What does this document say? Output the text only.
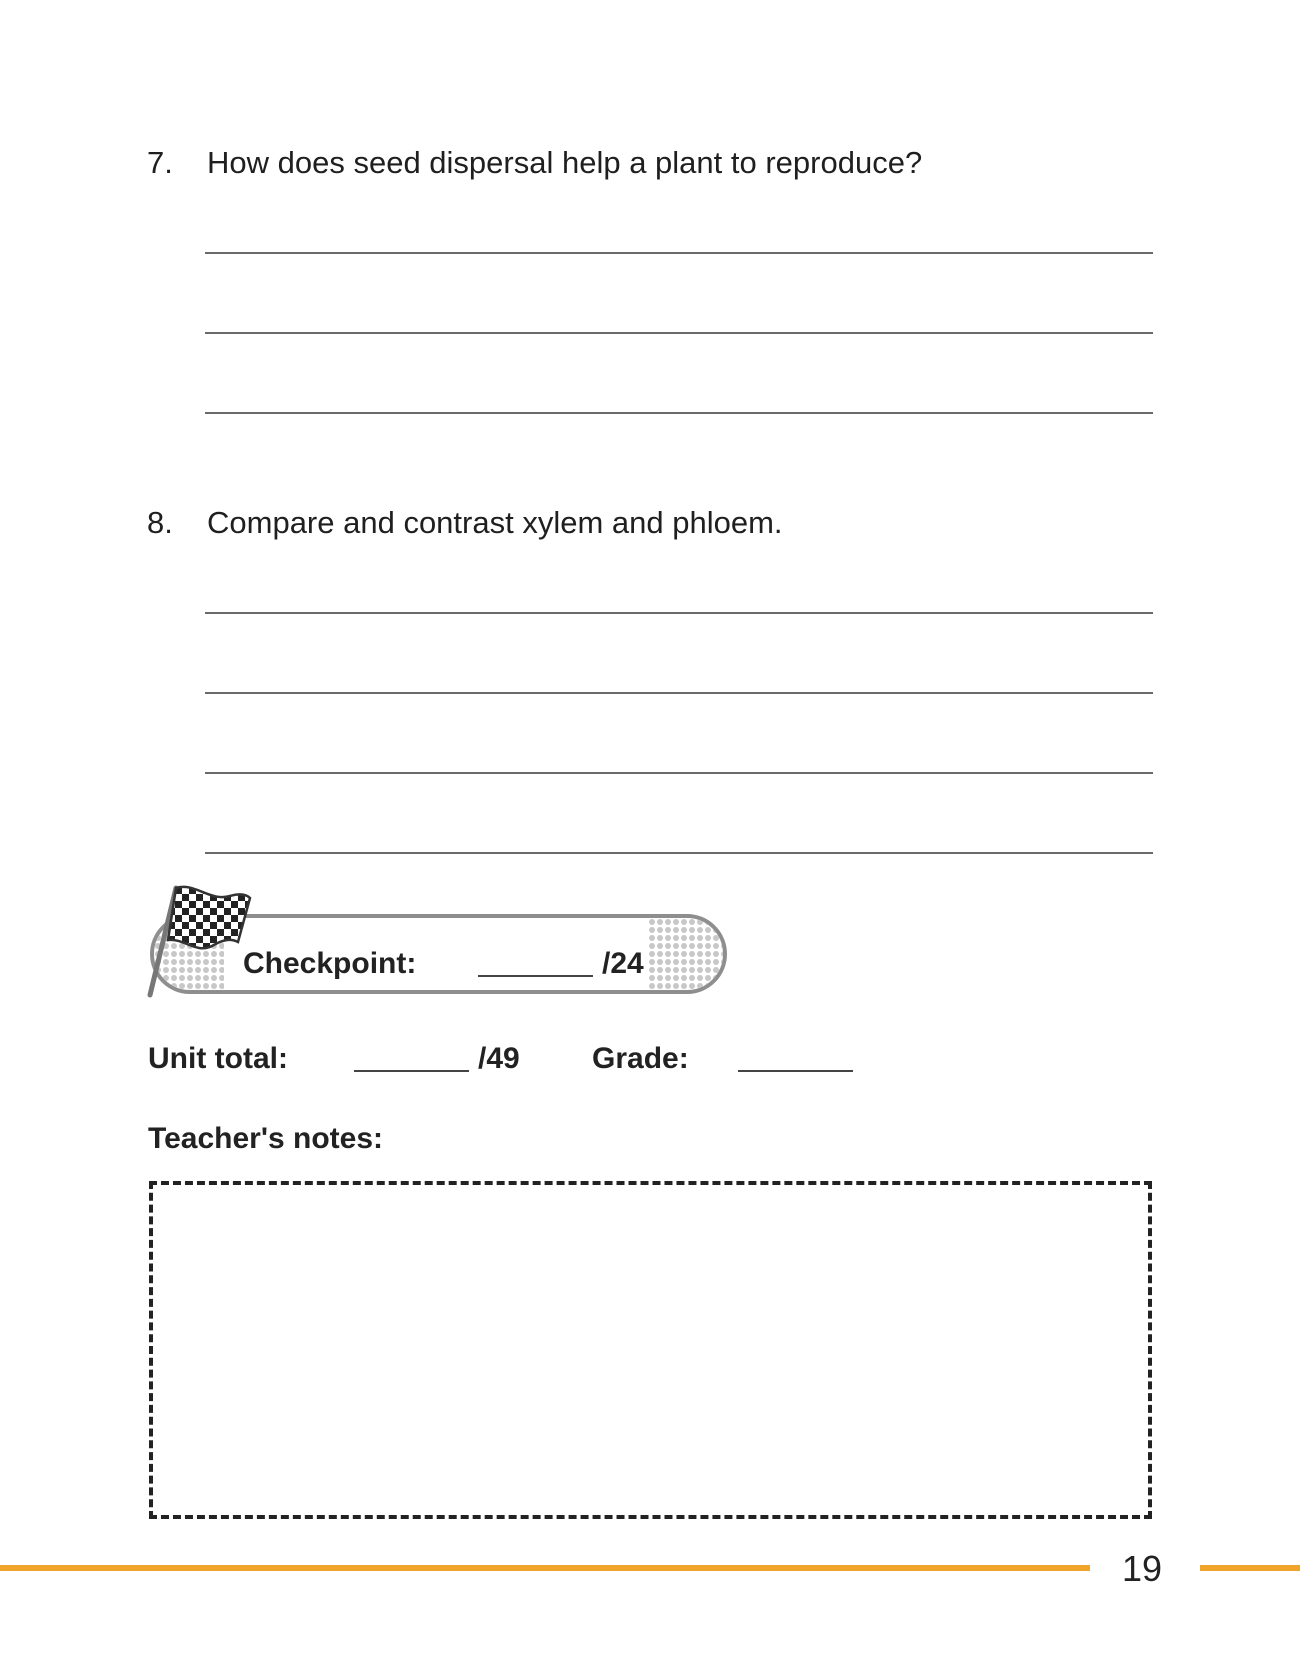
7. How does seed dispersal help a plant to reproduce?
8. Compare and contrast xylem and phloem.
Checkpoint:	/24
Unit total:	/49 Grade:
Teacher's notes:
19
